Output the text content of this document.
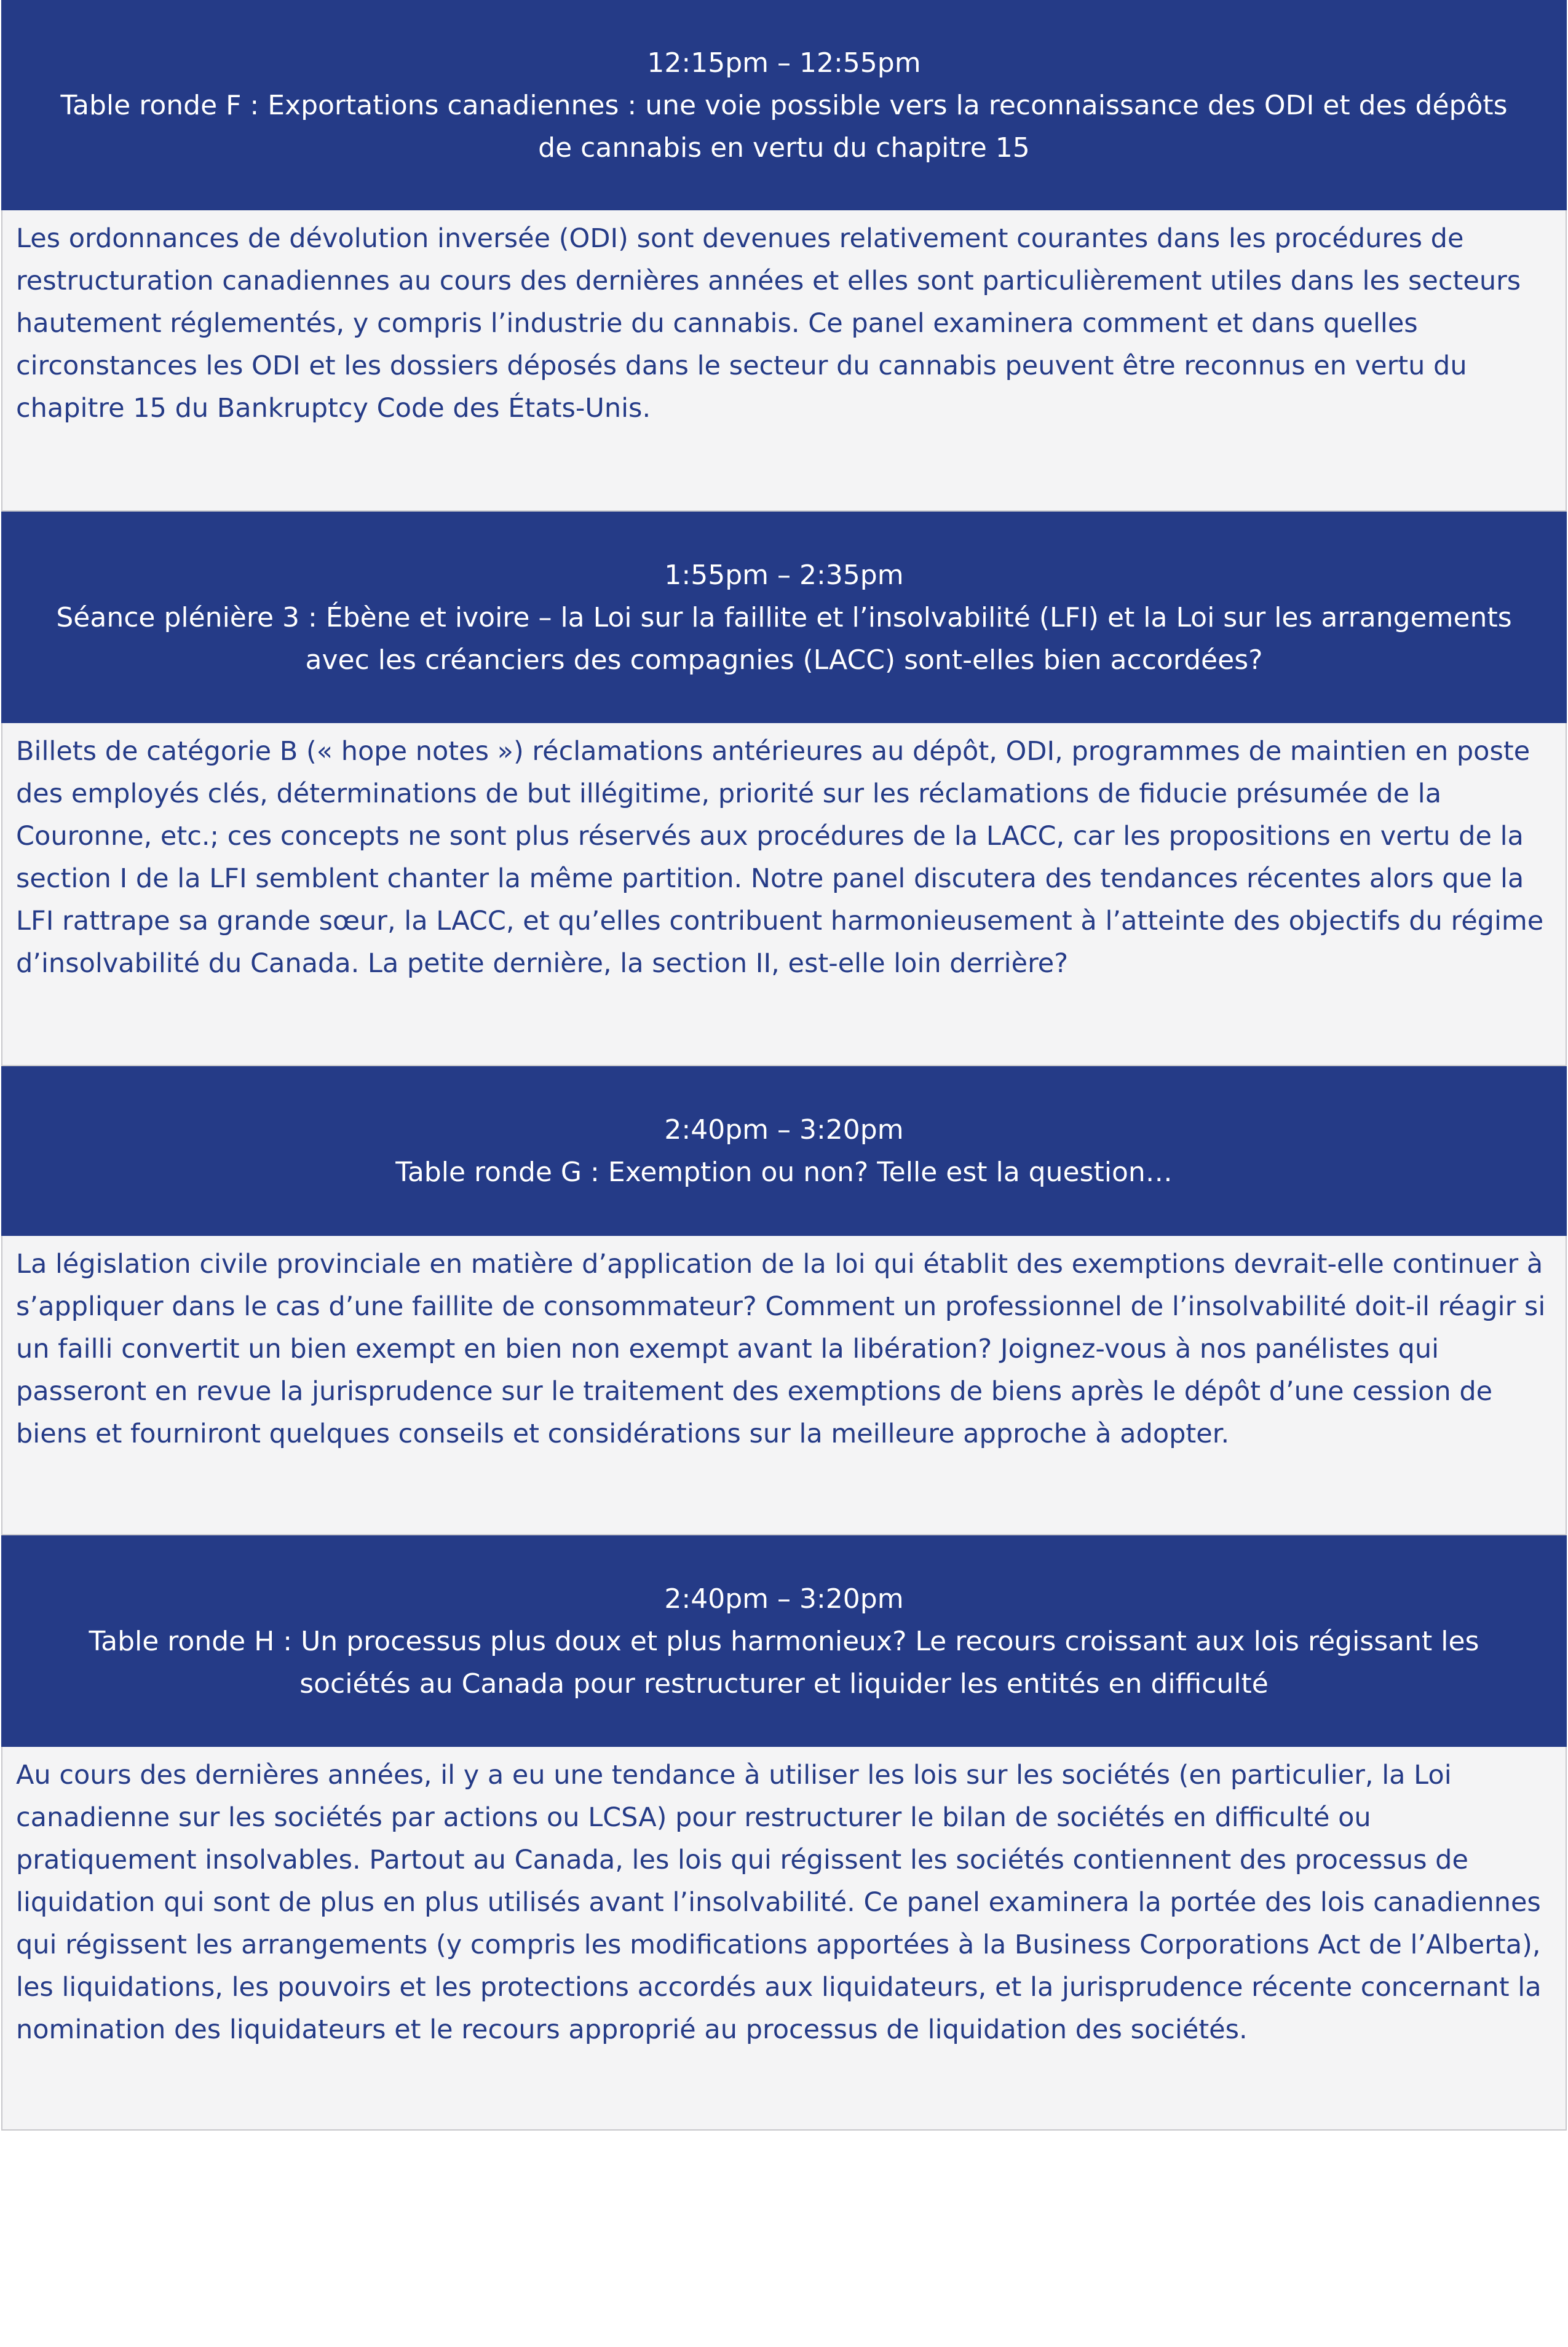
12:15pm – 12:55pm
Table ronde F : Exportations canadiennes : une voie possible vers la reconnaissance des ODI et des dépôts de cannabis en vertu du chapitre 15

Les ordonnances de dévolution inversée (ODI) sont devenues relativement courantes dans les procédures de restructuration canadiennes au cours des dernières années et elles sont particulièrement utiles dans les secteurs hautement réglementés, y compris l’industrie du cannabis. Ce panel examinera comment et dans quelles circonstances les ODI et les dossiers déposés dans le secteur du cannabis peuvent être reconnus en vertu du chapitre 15 du Bankruptcy Code des États-Unis.

1:55pm – 2:35pm
Séance plénière 3 : Ébène et ivoire – la Loi sur la faillite et l’insolvabilité (LFI) et la Loi sur les arrangements avec les créanciers des compagnies (LACC) sont-elles bien accordées?

Billets de catégorie B (« hope notes ») réclamations antérieures au dépôt, ODI, programmes de maintien en poste des employés clés, déterminations de but illégitime, priorité sur les réclamations de fiducie présumée de la Couronne, etc.; ces concepts ne sont plus réservés aux procédures de la LACC, car les propositions en vertu de la section I de la LFI semblent chanter la même partition. Notre panel discutera des tendances récentes alors que la LFI rattrape sa grande sœur, la LACC, et qu’elles contribuent harmonieusement à l’atteinte des objectifs du régime d’insolvabilité du Canada. La petite dernière, la section II, est-elle loin derrière?

2:40pm – 3:20pm
Table ronde G : Exemption ou non? Telle est la question…

La législation civile provinciale en matière d’application de la loi qui établit des exemptions devrait-elle continuer à s’appliquer dans le cas d’une faillite de consommateur? Comment un professionnel de l’insolvabilité doit-il réagir si un failli convertit un bien exempt en bien non exempt avant la libération? Joignez-vous à nos panélistes qui passeront en revue la jurisprudence sur le traitement des exemptions de biens après le dépôt d’une cession de biens et fourniront quelques conseils et considérations sur la meilleure approche à adopter.

2:40pm – 3:20pm
Table ronde H : Un processus plus doux et plus harmonieux? Le recours croissant aux lois régissant les sociétés au Canada pour restructurer et liquider les entités en difficulté

Au cours des dernières années, il y a eu une tendance à utiliser les lois sur les sociétés (en particulier, la Loi canadienne sur les sociétés par actions ou LCSA) pour restructurer le bilan de sociétés en difficulté ou pratiquement insolvables. Partout au Canada, les lois qui régissent les sociétés contiennent des processus de liquidation qui sont de plus en plus utilisés avant l’insolvabilité. Ce panel examinera la portée des lois canadiennes qui régissent les arrangements (y compris les modifications apportées à la Business Corporations Act de l’Alberta), les liquidations, les pouvoirs et les protections accordés aux liquidateurs, et la jurisprudence récente concernant la nomination des liquidateurs et le recours approprié au processus de liquidation des sociétés.
